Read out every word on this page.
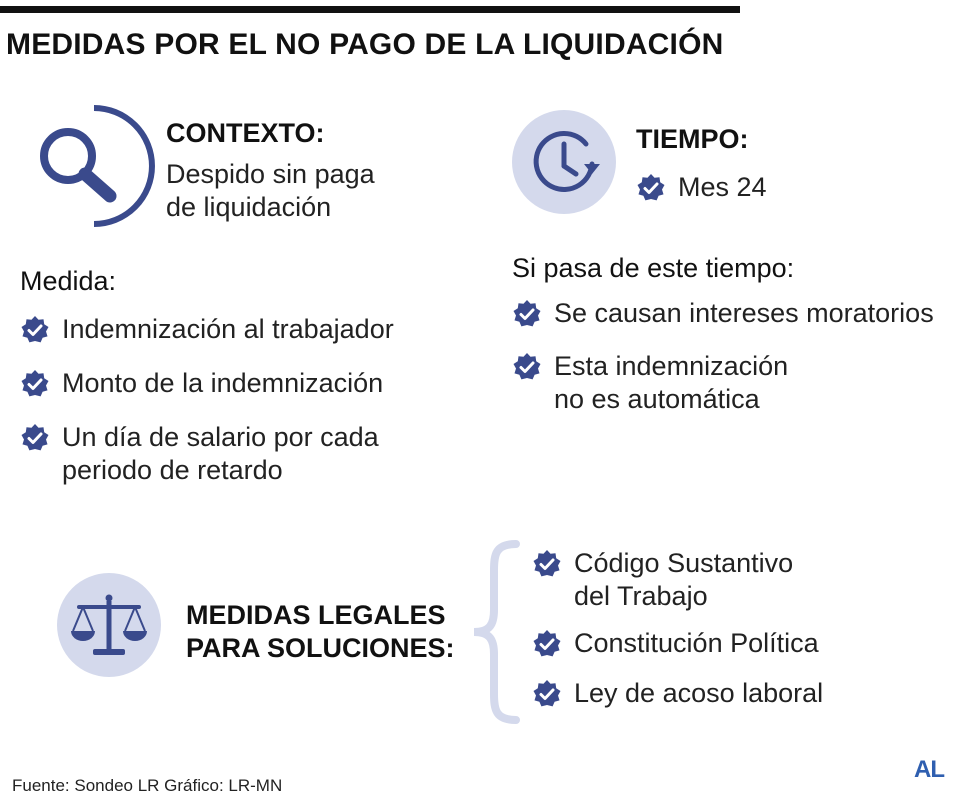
MEDIDAS POR EL NO PAGO DE LA LIQUIDACIÓN
CONTEXTO:
Despido sin paga
de liquidación
TIEMPO:
Mes 24
Medida:
Indemnización al trabajador
Monto de la indemnización
Un día de salario por cada
periodo de retardo
Si pasa de este tiempo:
Se causan intereses moratorios
Esta indemnización
no es automática
MEDIDAS LEGALES
PARA SOLUCIONES:
Código Sustantivo
del Trabajo
Constitución Política
Ley de acoso laboral
Fuente: Sondeo LR Gráfico: LR-MN
AL
